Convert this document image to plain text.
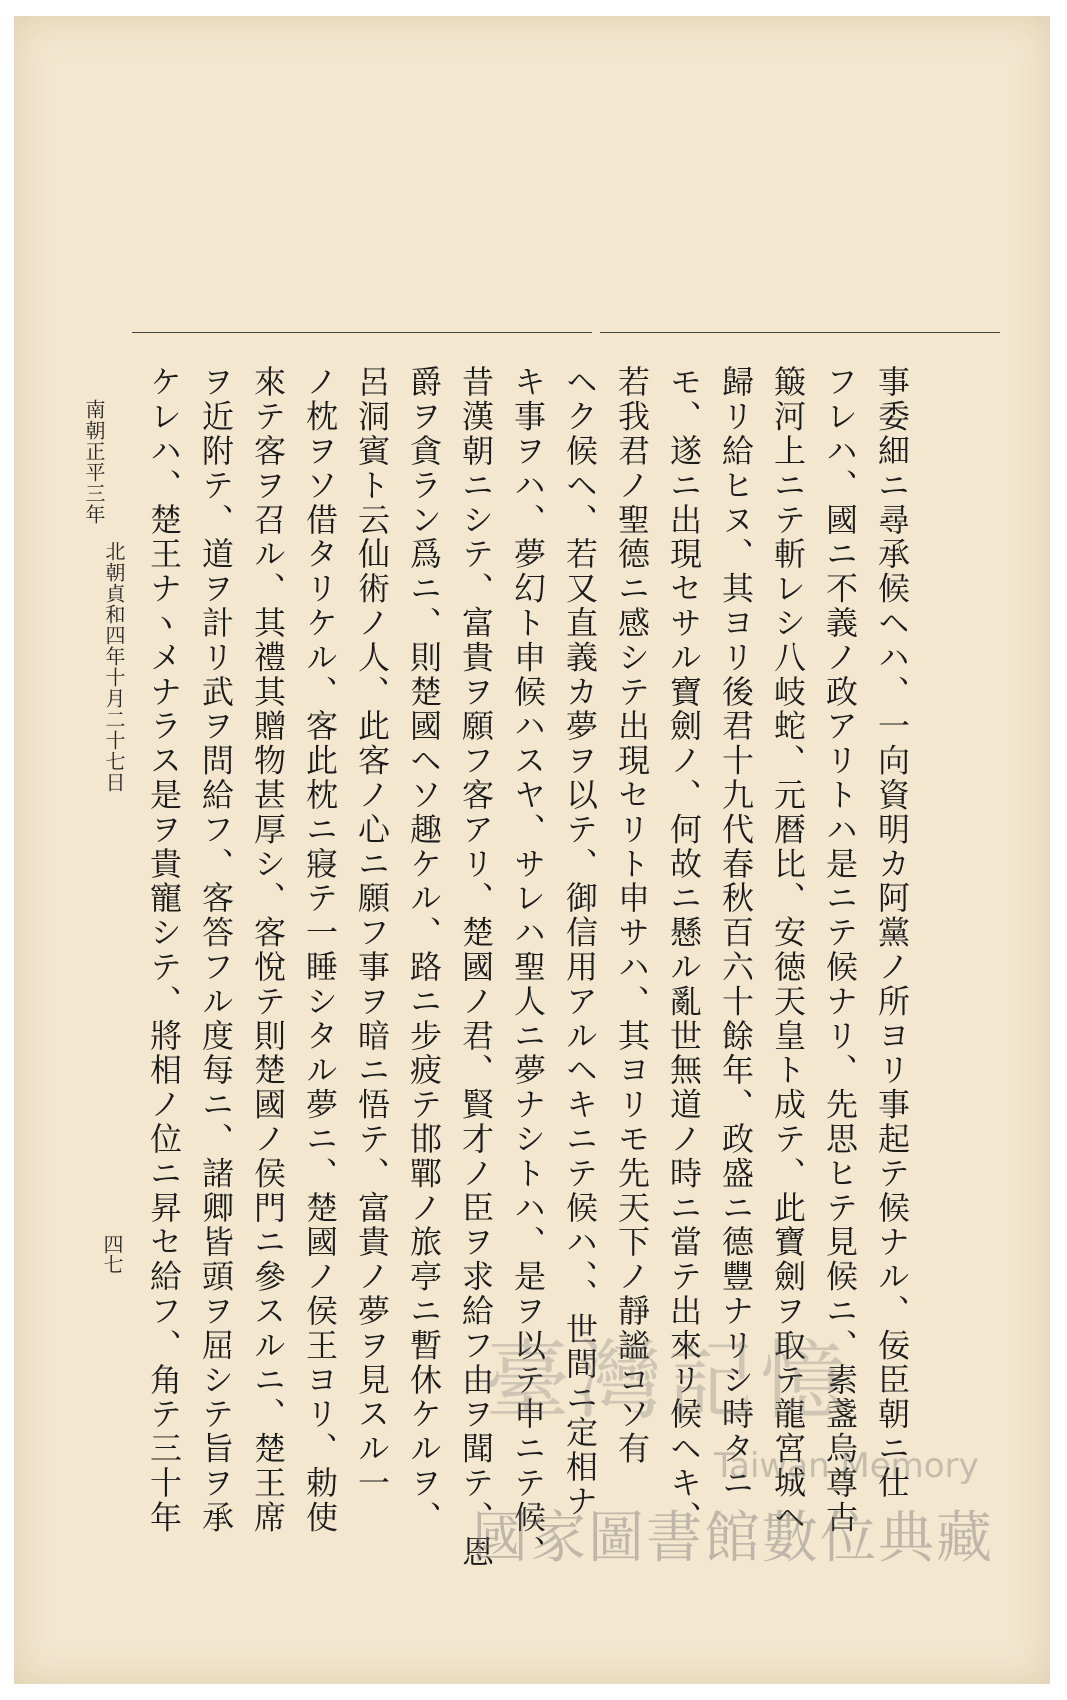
事委細ニ尋承候ヘハ、一向資明カ阿黨ノ所ヨリ事起テ候ナル、佞臣朝ニ仕
フレハ、國ニ不義ノ政アリトハ是ニテ候ナリ、先思ヒテ見候ニ、素盞烏尊古
簸河上ニテ斬レシ八岐蛇、元暦比、安徳天皇ト成テ、此寶劍ヲ取テ龍宮城ヘ
歸リ給ヒヌ、其ヨリ後君十九代春秋百六十餘年、政盛ニ德豐ナリシ時タニ
モ、遂ニ出現セサル寶劍ノ、何故ニ懸ル亂世無道ノ時ニ當テ出來リ候ヘキ、
若我君ノ聖德ニ感シテ出現セリト申サハ、其ヨリモ先天下ノ靜謐コソ有
ヘク候ヘ、若又直義カ夢ヲ以テ、御信用アルヘキニテ候ハ、、世間ニ定相ナ
キ事ヲハ、夢幻ト申候ハスヤ、サレハ聖人ニ夢ナシトハ、是ヲ以テ申ニテ候、
昔漢朝ニシテ、富貴ヲ願フ客アリ、楚國ノ君、賢才ノ臣ヲ求給フ由ヲ聞テ、恩
爵ヲ貪ラン爲ニ、則楚國ヘソ趣ケル、路ニ步疲テ邯鄲ノ旅亭ニ暫休ケルヲ、
呂洞賓ト云仙術ノ人、此客ノ心ニ願フ事ヲ暗ニ悟テ、富貴ノ夢ヲ見スル一
ノ枕ヲソ借タリケル、客此枕ニ寢テ一睡シタル夢ニ、楚國ノ侯王ヨリ、勅使
來テ客ヲ召ル、其禮其贈物甚厚シ、客悅テ則楚國ノ侯門ニ參スルニ、楚王席
ヲ近附テ、道ヲ計リ武ヲ問給フ、客答フル度每ニ、諸卿皆頭ヲ屈シテ旨ヲ承
ケレハ、楚王ナヽメナラス是ヲ貴寵シテ、將相ノ位ニ昇セ給フ、角テ三十年
南朝正平三年
北朝貞和四年十月二十七日
四七
臺灣記憶
Taiwan Memory
國家圖書館數位典藏
